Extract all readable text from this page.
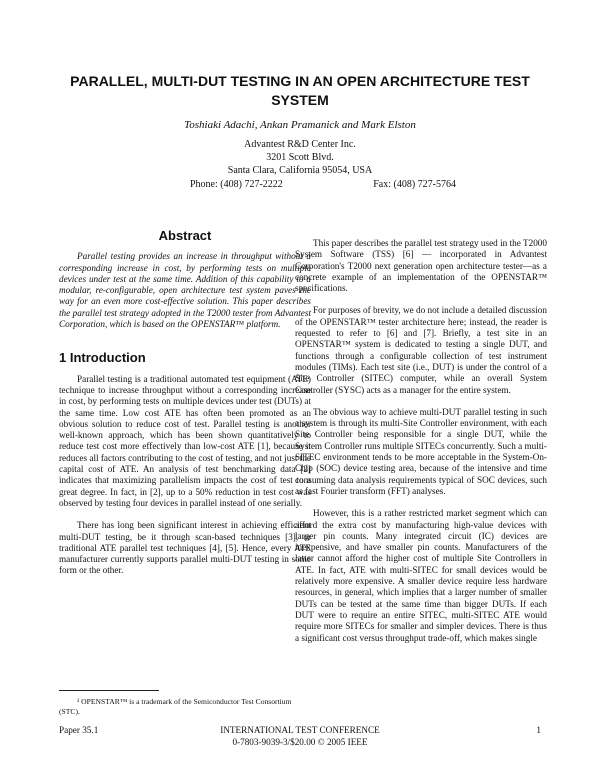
PARALLEL, MULTI-DUT TESTING IN AN OPEN ARCHITECTURE TEST SYSTEM
Toshiaki Adachi, Ankan Pramanick and Mark Elston
Advantest R&D Center Inc.
3201 Scott Blvd.
Santa Clara, California 95054, USA
Phone: (408) 727-2222	Fax: (408) 727-5764
Abstract

Parallel testing provides an increase in throughput without a corresponding increase in cost, by performing tests on multiple devices under test at the same time. Addition of this capability to a modular, re-configurable, open architecture test system paves the way for an even more cost-effective solution. This paper describes the parallel test strategy adopted in the T2000 tester from Advantest Corporation, which is based on the OPENSTAR™ platform.

1 Introduction

Parallel testing is a traditional automated test equipment (ATE) technique to increase throughput without a corresponding increase in cost, by performing tests on multiple devices under test (DUTs) at the same time. Low cost ATE has often been promoted as an obvious solution to reduce cost of test. Parallel testing is another well-known approach, which has been shown quantitatively to reduce test cost more effectively than low-cost ATE [1], because it reduces all factors contributing to the cost of testing, and not just the capital cost of ATE. An analysis of test benchmarking data [2] indicates that maximizing parallelism impacts the cost of test to a great degree. In fact, in [2], up to a 50% reduction in test cost was observed by testing four devices in parallel instead of one serially.

There has long been significant interest in achieving efficient multi-DUT testing, be it through scan-based techniques [3], or traditional ATE parallel test techniques [4], [5]. Hence, every ATE manufacturer currently supports parallel multi-DUT testing in some form or the other.

This paper describes the parallel test strategy used in the T2000 System Software (TSS) [6] — incorporated in Advantest Corporation's T2000 next generation open architecture tester—as a concrete example of an implementation of the OPENSTAR™ specifications.

For purposes of brevity, we do not include a detailed discussion of the OPENSTAR™ tester architecture here; instead, the reader is requested to refer to [6] and [7]. Briefly, a test site in an OPENSTAR™ system is dedicated to testing a single DUT, and functions through a configurable collection of test instrument modules (TIMs). Each test site (i.e., DUT) is under the control of a Site Controller (SITEC) computer, while an overall System Controller (SYSC) acts as a manager for the entire system.

The obvious way to achieve multi-DUT parallel testing in such a system is through its multi-Site Controller environment, with each Site Controller being responsible for a single DUT, while the System Controller runs multiple SITECs concurrently. Such a multi-SITEC environment tends to be more acceptable in the System-On-Chip (SOC) device testing area, because of the intensive and time consuming data analysis requirements typical of SOC devices, such as fast Fourier transform (FFT) analyses.

However, this is a rather restricted market segment which can afford the extra cost by manufacturing high-value devices with larger pin counts. Many integrated circuit (IC) devices are inexpensive, and have smaller pin counts. Manufacturers of the latter cannot afford the higher cost of multiple Site Controllers in ATE. In fact, ATE with multi-SITEC for small devices would be relatively more expensive. A smaller device require less hardware resources, in general, which implies that a larger number of smaller DUTs can be tested at the same time than bigger DUTs. If each DUT were to require an entire SITEC, multi-SITEC ATE would require more SITECs for smaller and simpler devices. There is thus a significant cost versus throughput trade-off, which makes single

¹ OPENSTAR™ is a trademark of the Semiconductor Test Consortium (STC).
Paper 35.1	INTERNATIONAL TEST CONFERENCE
0-7803-9039-3/$20.00 © 2005 IEEE
1
